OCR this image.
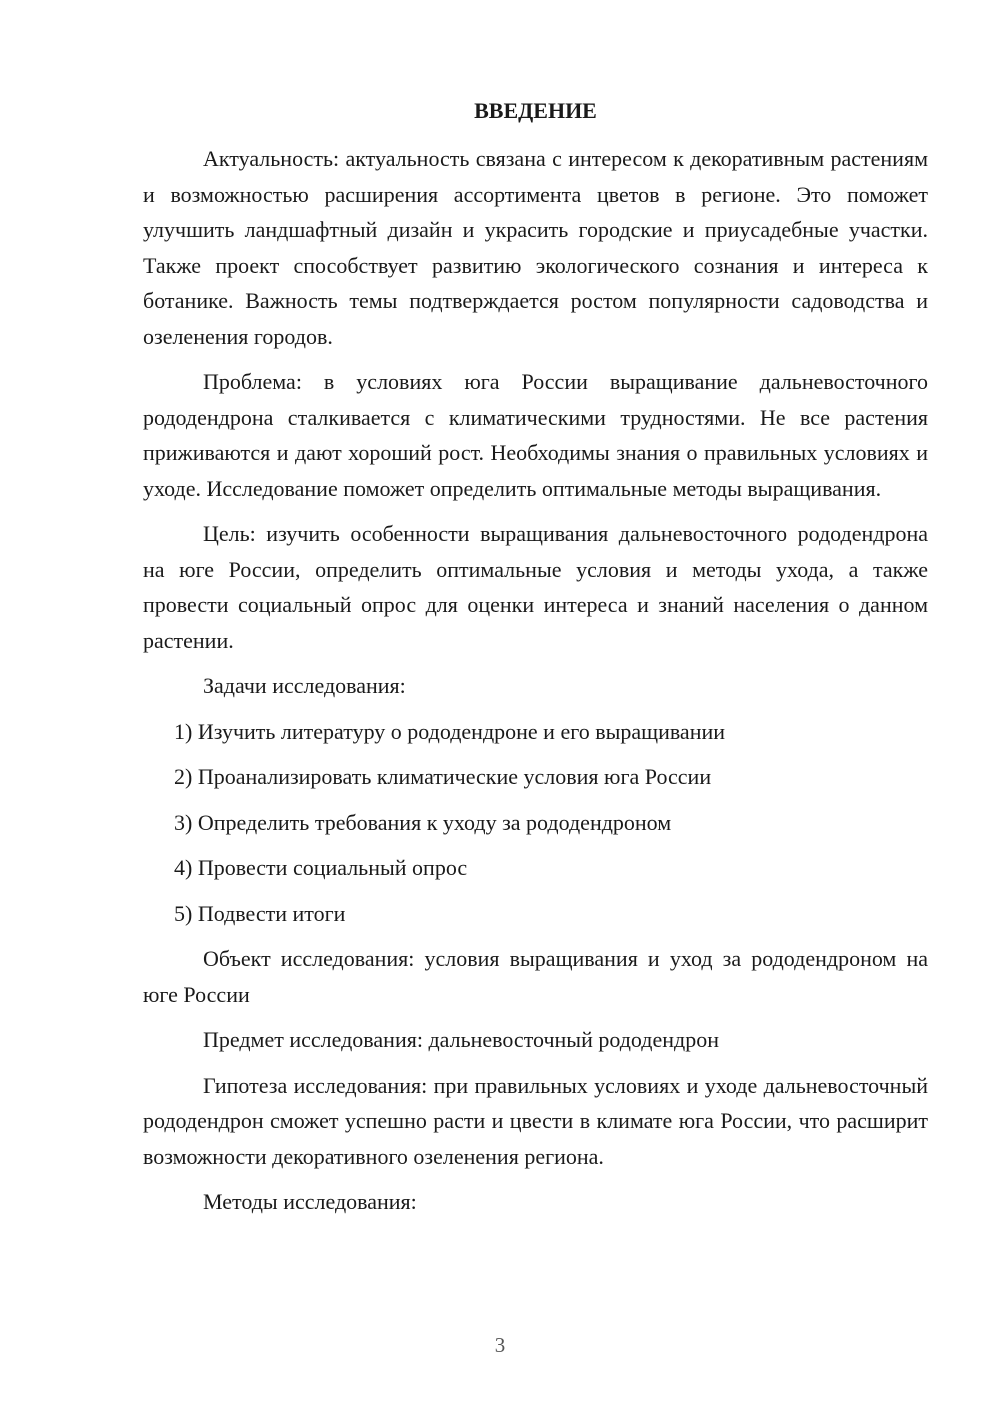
ВВЕДЕНИЕ

Актуальность: актуальность связана с интересом к декоративным растениям и возможностью расширения ассортимента цветов в регионе. Это поможет улучшить ландшафтный дизайн и украсить городские и приусадебные участки. Также проект способствует развитию экологического сознания и интереса к ботанике. Важность темы подтверждается ростом популярности садоводства и озеленения городов.

Проблема: в условиях юга России выращивание дальневосточного рододендрона сталкивается с климатическими трудностями. Не все растения приживаются и дают хороший рост. Необходимы знания о правильных условиях и уходе. Исследование поможет определить оптимальные методы выращивания.

Цель: изучить особенности выращивания дальневосточного рододендрона на юге России, определить оптимальные условия и методы ухода, а также провести социальный опрос для оценки интереса и знаний населения о данном растении.

Задачи исследования:

1) Изучить литературу о рододендроне и его выращивании

2) Проанализировать климатические условия юга России

3) Определить требования к уходу за рододендроном

4) Провести социальный опрос

5) Подвести итоги

Объект исследования: условия выращивания и уход за рододендроном на юге России

Предмет исследования: дальневосточный рододендрон

Гипотеза исследования: при правильных условиях и уходе дальневосточный рододендрон сможет успешно расти и цвести в климате юга России, что расширит возможности декоративного озеленения региона.

Методы исследования:

3
